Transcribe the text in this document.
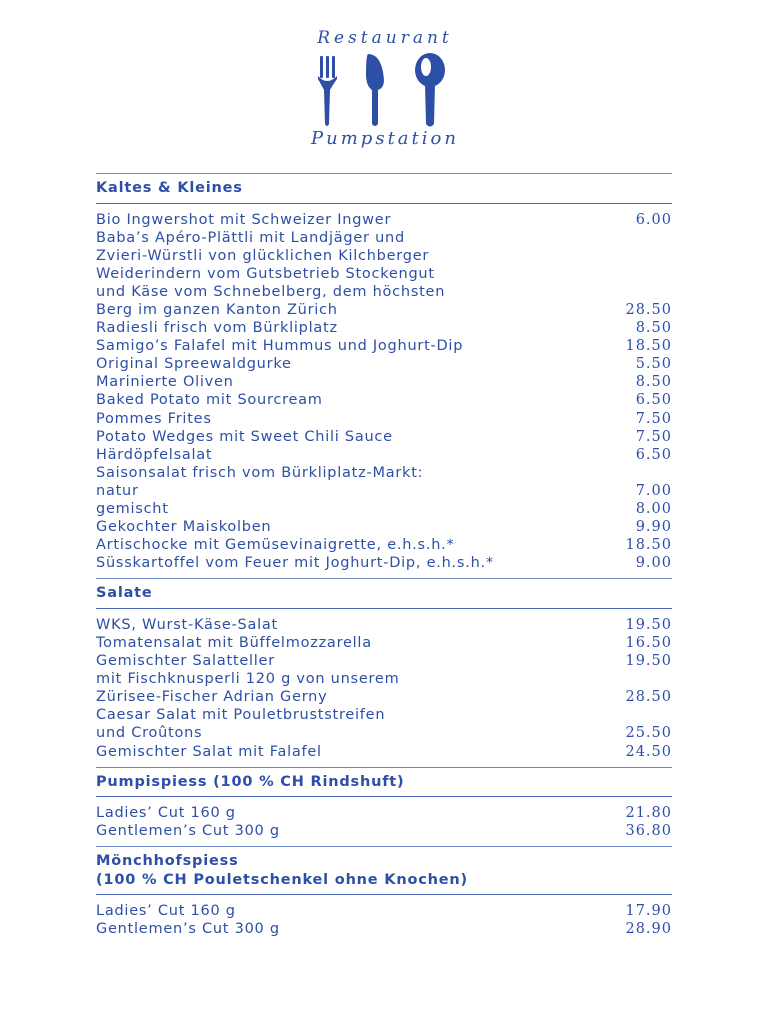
Restaurant
Pumpstation
Kaltes & Kleines
Bio Ingwershot mit Schweizer Ingwer	6.00
Baba’s Apéro-Plättli mit Landjäger und
Zvieri-Würstli von glücklichen Kilchberger
Weiderindern vom Gutsbetrieb Stockengut
und Käse vom Schnebelberg, dem höchsten
Berg im ganzen Kanton Zürich	28.50
Radiesli frisch vom Bürkliplatz	8.50
Samigo’s Falafel mit Hummus und Joghurt-Dip	18.50
Original Spreewaldgurke	5.50
Marinierte Oliven	8.50
Baked Potato mit Sourcream	6.50
Pommes Frites	7.50
Potato Wedges mit Sweet Chili Sauce	7.50
Härdöpfelsalat	6.50
Saisonsalat frisch vom Bürkliplatz-Markt:
natur	7.00
gemischt	8.00
Gekochter Maiskolben	9.90
Artischocke mit Gemüsevinaigrette, e.h.s.h.*	18.50
Süsskartoffel vom Feuer mit Joghurt-Dip, e.h.s.h.*	9.00
Salate
WKS, Wurst-Käse-Salat	19.50
Tomatensalat mit Büffelmozzarella	16.50
Gemischter Salatteller	19.50
mit Fischknusperli 120 g von unserem
Zürisee-Fischer Adrian Gerny	28.50
Caesar Salat mit Pouletbruststreifen
und Croûtons	25.50
Gemischter Salat mit Falafel	24.50
Pumpispiess (100 % CH Rindshuft)
Ladies’ Cut 160 g	21.80
Gentlemen’s Cut 300 g	36.80
Mönchhofspiess
(100 % CH Pouletschenkel ohne Knochen)
Ladies’ Cut 160 g	17.90
Gentlemen’s Cut 300 g	28.90
